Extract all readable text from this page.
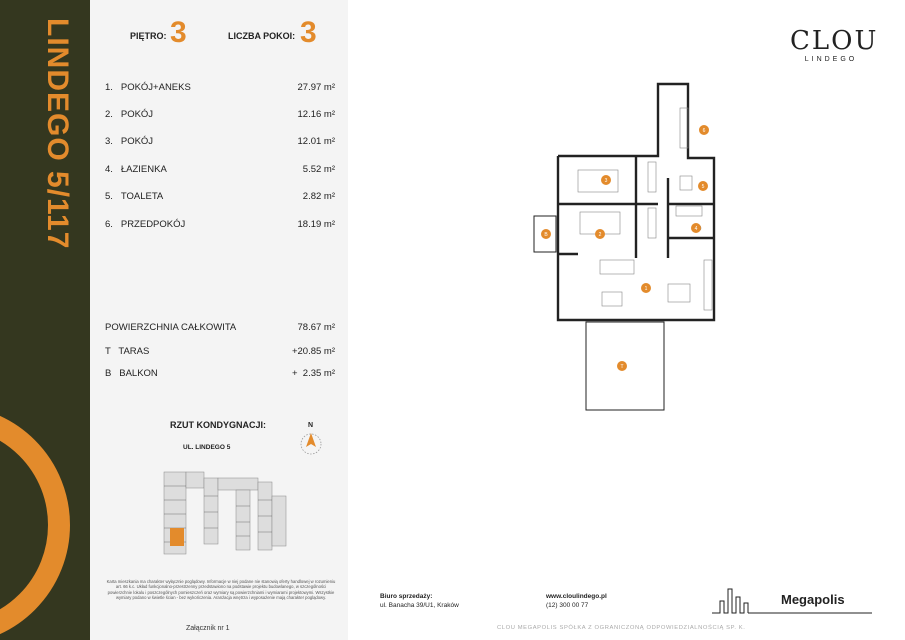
LINDEGO 5/117	PIĘTRO: 3	LICZBA POKOI: 3
1. POKÓJ+ANEKS	27.97 m²
2. POKÓJ	12.16 m²
3. POKÓJ	12.01 m²
4. ŁAZIENKA	5.52 m²
5. TOALETA	2.82 m²
6. PRZEDPOKÓJ	18.19 m²
POWIERZCHNIA CAŁKOWITA	78.67 m²
T   TARAS	+20.85 m²
B   BALKON	+  2.35 m²
RZUT KONDYGNACJI:
UL. LINDEGO 5
N
Karta mieszkania ma charakter wyłącznie poglądowy. Informacje w niej podane nie stanowią oferty handlowej w rozumieniu art. 66 k.c. Układ funkcjonalno-przestrzenny przedstawiono na podstawie projektu budowlanego, w szczególności powierzchnie lokalu i poszczególnych pomieszczeń oraz wymiary są powierzchniami i wymiarami projektowymi. Wszystkie wymiary podano w świetle ścian - bez wykończenia. Aranżacja wnętrza i wyposażenie mają charakter poglądowy.
Załącznik nr 1
1
2
3
4
5
6
T
B
CLOU
LINDEGO
Biuro sprzedaży:
ul. Banacha 39/U1, Kraków
www.cloulindego.pl
(12) 300 00 77	Megapolis
CLOU MEGAPOLIS SPÓŁKA Z OGRANICZONĄ ODPOWIEDZIALNOŚCIĄ SP. K.
